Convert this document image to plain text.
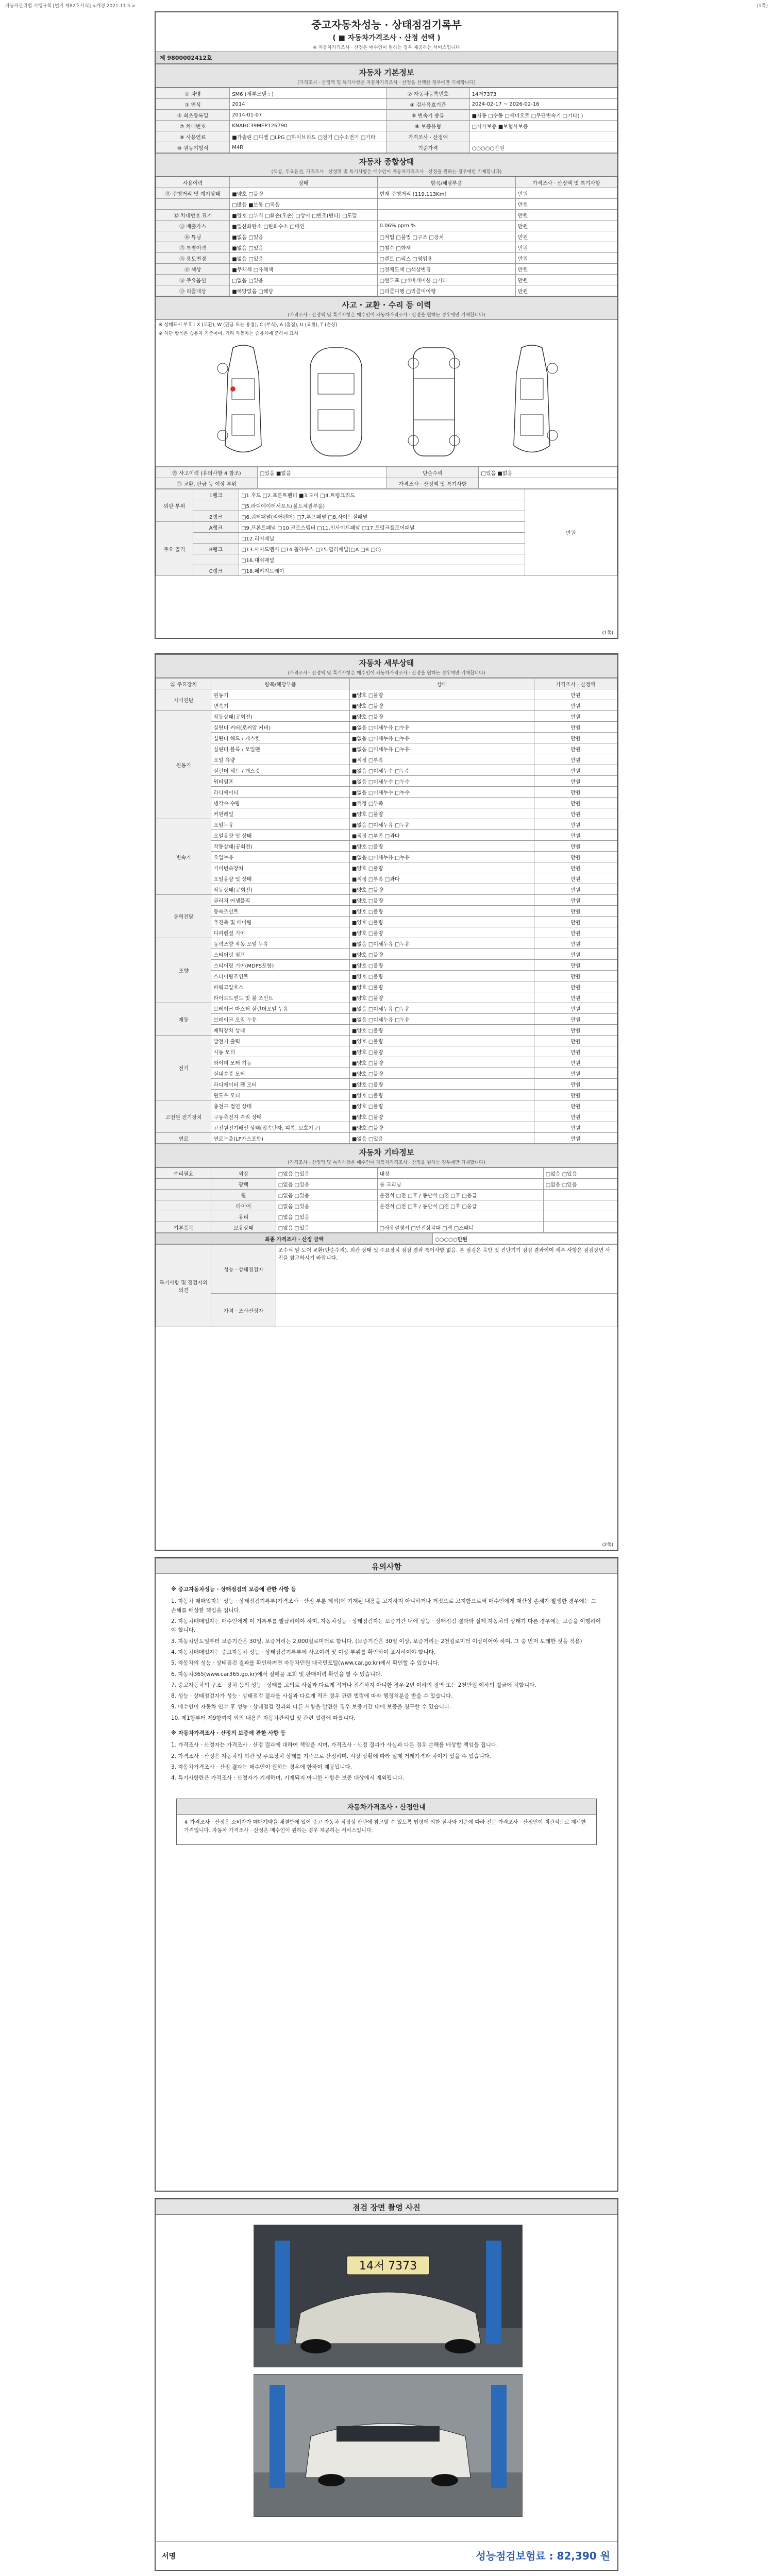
자동차관리법 시행규칙 [별지 제82호서식] <개정 2021.11.5.>	(1쪽)
중고자동차성능 · 상태점검기록부
( ■ 자동차가격조사 · 산정 선택 )
※ 자동차가격조사 · 산정은 매수인이 원하는 경우 제공하는 서비스입니다
제 9800002412호
자동차 기본정보
(가격조사 · 산정액 및 특기사항은 자동차가격조사 · 산정을 선택한 경우에만 기재합니다)
① 차명	SM6 (세부모델 : )	② 자동차등록번호	14저7373
③ 연식	2014	④ 검사유효기간	2024-02-17 ~ 2026-02-16
⑤ 최초등록일	2014-01-07	⑥ 변속기 종류	■자동 □수동 □세미오토 □무단변속기 □기타( )
⑦ 차대번호	KNAHC39MEP126790	⑧ 보증유형	□자가보증 ■보험사보증
⑨ 사용연료	■가솔린 □디젤 □LPG □하이브리드 □전기 □수소전기 □기타	가격조사 · 산정액	
⑩ 원동기형식	M4R	기준가격	○○○○○만원
자동차 종합상태
(색상, 주요옵션, 가격조사 · 산정액 및 특기사항은 매수인이 자동차가격조사 · 산정을 원하는 경우에만 기재합니다)
사용이력	상태	항목/해당부품	가격조사 · 산정액 및 특기사항
⑪ 주행거리 및 계기상태	■양호 □불량	현재 주행거리 [119,113Km]	만원
	□많음 ■보통 □적음		만원
⑫ 차대번호 표기	■양호 □부식 □훼손(오손) □상이 □변조(변타) □도말		만원
⑬ 배출가스	■일산화탄소 □탄화수소 □매연	0.06% ppm %	만원
⑭ 튜닝	■없음 □있음	□적법 □불법 □구조 □장치	만원
⑮ 특별이력	■없음 □있음	□침수 □화재	만원
⑯ 용도변경	■없음 □있음	□렌트 □리스 □영업용	만원
⑰ 색상	■무채색 □유채색	□전체도색 □색상변경	만원
⑱ 주요옵션	□없음 □있음	□썬루프 □네비게이션 □기타	만원
⑲ 리콜대상	■해당없음 □해당	□리콜이행 □리콜미이행	만원
사고 · 교환 · 수리 등 이력
(가격조사 · 산정액 및 특기사항은 매수인이 자동차가격조사 · 산정을 원하는 경우에만 기재합니다)
※ 상태표시 부호 : X (교환), W (판금 또는 용접), C (부식), A (흠집), U (요철), T (손상)
※ 하단 항목은 승용차 기준이며, 기타 자동차는 승용차에 준하여 표시
⑳ 사고이력 (유의사항 4 참조)	□있음 ■없음	단순수리	□있음 ■없음
㉑ 교환, 판금 등 이상 부위		가격조사 · 산정액 및 특기사항	
외판 부위	1랭크	□1.후드 □2.프론트펜더 ■3.도어 □4.트렁크리드	만원
		□5.라디에이터서포트(볼트체결부품)	
	2랭크	□6.쿼터패널(리어펜더) □7.루프패널 □8.사이드실패널	
주요 골격	A랭크	□9.프론트패널 □10.크로스멤버 □11.인사이드패널 □17.트렁크플로어패널	
		□12.리어패널	
	B랭크	□13.사이드멤버 □14.휠하우스 □15.필러패널(□A □B □C)	
		□16.대쉬패널	
	C랭크	□18.패키지트레이	
(1쪽)
자동차 세부상태
(가격조사 · 산정액 및 특기사항은 매수인이 자동차가격조사 · 산정을 원하는 경우에만 기재합니다)
㉒ 주요장치	항목/해당부품	상태	가격조사 · 산정액
자기진단	원동기	■양호 □불량	만원
	변속기	■양호 □불량	만원
원동기	작동상태(공회전)	■양호 □불량	만원
	실린더 커버(로커암 커버)	■없음 □미세누유 □누유	만원
	실린더 헤드 / 개스킷	■없음 □미세누유 □누유	만원
	실린더 블록 / 오일팬	■없음 □미세누유 □누유	만원
	오일 유량	■적정 □부족	만원
	실린더 헤드 / 개스킷	■없음 □미세누수 □누수	만원
	워터펌프	■없음 □미세누수 □누수	만원
	라디에이터	■없음 □미세누수 □누수	만원
	냉각수 수량	■적정 □부족	만원
	커먼레일	■양호 □불량	만원
변속기	오일누유	■없음 □미세누유 □누유	만원
	오일유량 및 상태	■적정 □부족 □과다	만원
	작동상태(공회전)	■양호 □불량	만원
	오일누유	■없음 □미세누유 □누유	만원
	기어변속장치	■양호 □불량	만원
	오일유량 및 상태	■적정 □부족 □과다	만원
	작동상태(공회전)	■양호 □불량	만원
동력전달	클러치 어셈블리	■양호 □불량	만원
	등속조인트	■양호 □불량	만원
	추진축 및 베어링	■양호 □불량	만원
	디퍼렌셜 기어	■양호 □불량	만원
조향	동력조향 작동 오일 누유	■없음 □미세누유 □누유	만원
	스티어링 펌프	■양호 □불량	만원
	스티어링 기어(MDPS포함)	■양호 □불량	만원
	스티어링조인트	■양호 □불량	만원
	파워고압호스	■양호 □불량	만원
	타이로드엔드 및 볼 조인트	■양호 □불량	만원
제동	브레이크 마스터 실린더오일 누유	■없음 □미세누유 □누유	만원
	브레이크 오일 누유	■없음 □미세누유 □누유	만원
	배력장치 상태	■양호 □불량	만원
전기	발전기 출력	■양호 □불량	만원
	시동 모터	■양호 □불량	만원
	와이퍼 모터 기능	■양호 □불량	만원
	실내송풍 모터	■양호 □불량	만원
	라디에이터 팬 모터	■양호 □불량	만원
	윈도우 모터	■양호 □불량	만원
고전원 전기장치	충전구 절연 상태	■양호 □불량	만원
	구동축전지 격리 상태	■양호 □불량	만원
	고전원전기배선 상태(접속단자, 피복, 보호기구)	■양호 □불량	만원
연료	연료누출(LP가스포함)	■없음 □있음	만원
자동차 기타정보
(가격조사 · 산정액 및 특기사항은 매수인이 자동차가격조사 · 산정을 원하는 경우에만 기재합니다)
수리필요	외장	□없음 □있음	내장	□없음 □있음
	광택	□없음 □있음	룸 크리닝	□없음 □있음
	휠	□없음 □있음	운전석 □전 □후 / 동반석 □전 □후 □응급	
	타이어	□없음 □있음	운전석 □전 □후 / 동반석 □전 □후 □응급	
	유리	□없음 □있음		
기본품목	보유상태	□없음 □있음	□사용설명서 □안전삼각대 □잭 □스패너	
최종 가격조사 · 산정 금액	○○○○○만원
특기사항 및 점검자의 의견	성능 · 상태점검자	조수석 앞 도어 교환(단순수리). 외관 상태 및 주요장치 점검 결과 특이사항 없음. 본 점검은 육안 및 진단기기 점검 결과이며 세부 사항은 점검장면 사진을 참고하시기 바랍니다.
	가격 · 조사산정자	
(2쪽)
유의사항
※ 중고자동차성능 · 상태점검의 보증에 관한 사항 등

1. 자동차 매매업자는 성능 · 상태점검기록부(가격조사 · 산정 부분 제외)에 기재된 내용을 고지하지 아니하거나 거짓으로 고지함으로써 매수인에게 재산상 손해가 발생한 경우에는 그 손해를 배상할 책임을 집니다.

2. 자동차매매업자는 매수인에게 이 기록부를 발급하여야 하며, 자동차성능 · 상태점검자는 보증기간 내에 성능 · 상태점검 결과와 실제 자동차의 상태가 다른 경우에는 보증을 이행하여야 합니다.

3. 자동차인도일부터 보증기간은 30일, 보증거리는 2,000킬로미터로 합니다. (보증기간은 30일 이상, 보증거리는 2천킬로미터 이상이어야 하며, 그 중 먼저 도래한 것을 적용)

4. 자동차매매업자는 중고자동차 성능 · 상태점검기록부에 사고이력 및 이상 부위를 확인하여 표시하여야 합니다.

5. 자동차의 성능 · 상태점검 결과를 확인하려면 자동차민원 대국민포털(www.car.go.kr)에서 확인할 수 있습니다.

6. 자동차365(www.car365.go.kr)에서 실매물 조회 및 판매이력 확인을 할 수 있습니다.

7. 중고자동차의 구조 · 장치 등의 성능 · 상태를 고의로 사실과 다르게 적거나 점검하지 아니한 경우 2년 이하의 징역 또는 2천만원 이하의 벌금에 처합니다.

8. 성능 · 상태점검자가 성능 · 상태점검 결과를 사실과 다르게 적은 경우 관련 법령에 따라 행정처분을 받을 수 있습니다.

9. 매수인이 자동차 인수 후 성능 · 상태점검 결과와 다른 사항을 발견한 경우 보증기간 내에 보증을 청구할 수 있습니다.

10. 제1항부터 제9항까지 외의 내용은 자동차관리법 및 관련 법령에 따릅니다.

※ 자동차가격조사 · 산정의 보증에 관한 사항 등

1. 가격조사 · 산정자는 가격조사 · 산정 결과에 대하여 책임을 지며, 가격조사 · 산정 결과가 사실과 다른 경우 손해를 배상할 책임을 집니다.

2. 가격조사 · 산정은 자동차의 외관 및 주요장치 상태를 기준으로 산정하며, 시장 상황에 따라 실제 거래가격과 차이가 있을 수 있습니다.

3. 자동차가격조사 · 산정 결과는 매수인이 원하는 경우에 한하여 제공됩니다.

4. 특기사항란은 가격조사 · 산정자가 기재하며, 기재되지 아니한 사항은 보증 대상에서 제외됩니다.

자동차가격조사 · 산정안내
※ 가격조사 · 산정은 소비자가 매매계약을 체결함에 있어 중고 자동차 적정성 판단에 참고할 수 있도록 법령에 의한 절차와 기준에 따라 전문 가격조사 · 산정인이 객관적으로 제시한 가격입니다. 자동차 가격조사 · 산정은 매수인이 원하는 경우 제공하는 서비스입니다.
점검 장면 촬영 사진
14저 7373
서명	성능점검보험료 : 82,390 원
